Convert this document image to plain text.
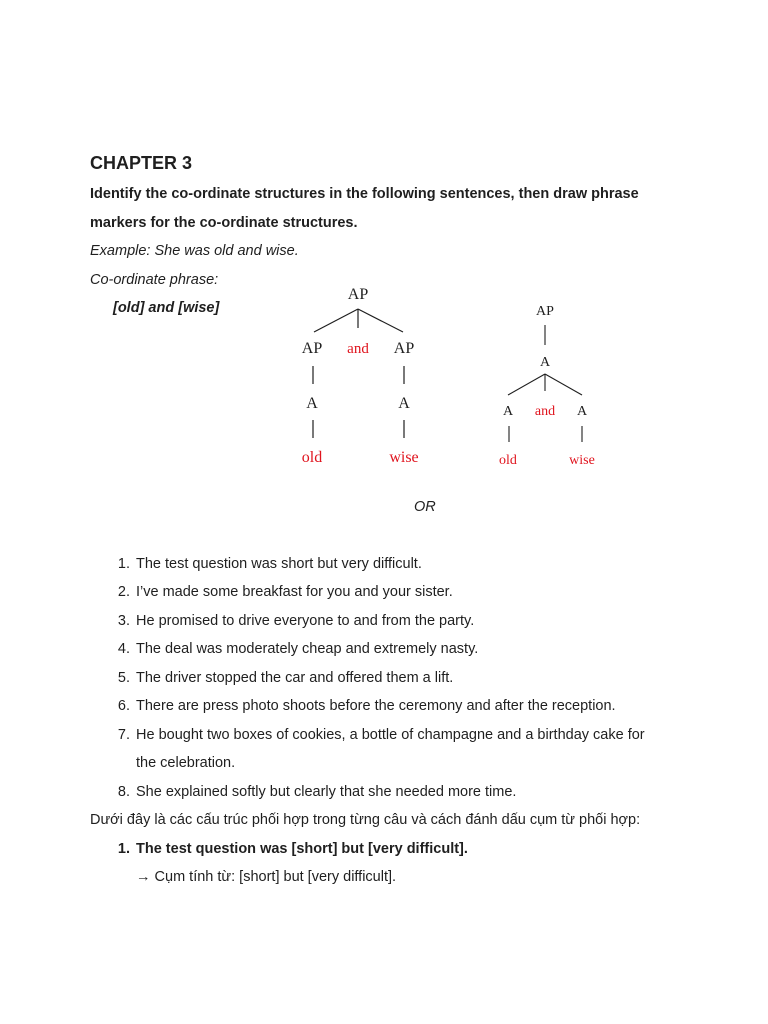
CHAPTER 3
Identify the co-ordinate structures in the following sentences, then draw phrase
markers for the co-ordinate structures.
Example: She was old and wise.
Co-ordinate phrase:
[old] and [wise]
AP
AP and AP
A	A
old	wise
AP
A
A and A
old	wise
OR
1. The test question was short but very difficult.
2. I’ve made some breakfast for you and your sister.
3. He promised to drive everyone to and from the party.
4. The deal was moderately cheap and extremely nasty.
5. The driver stopped the car and offered them a lift.
6. There are press photo shoots before the ceremony and after the reception.
7. He bought two boxes of cookies, a bottle of champagne and a birthday cake for
the celebration.
8. She explained softly but clearly that she needed more time.
Dưới đây là các cấu trúc phối hợp trong từng câu và cách đánh dấu cụm từ phối hợp:
1. The test question was [short] but [very difficult].
→ Cụm tính từ: [short] but [very difficult].
